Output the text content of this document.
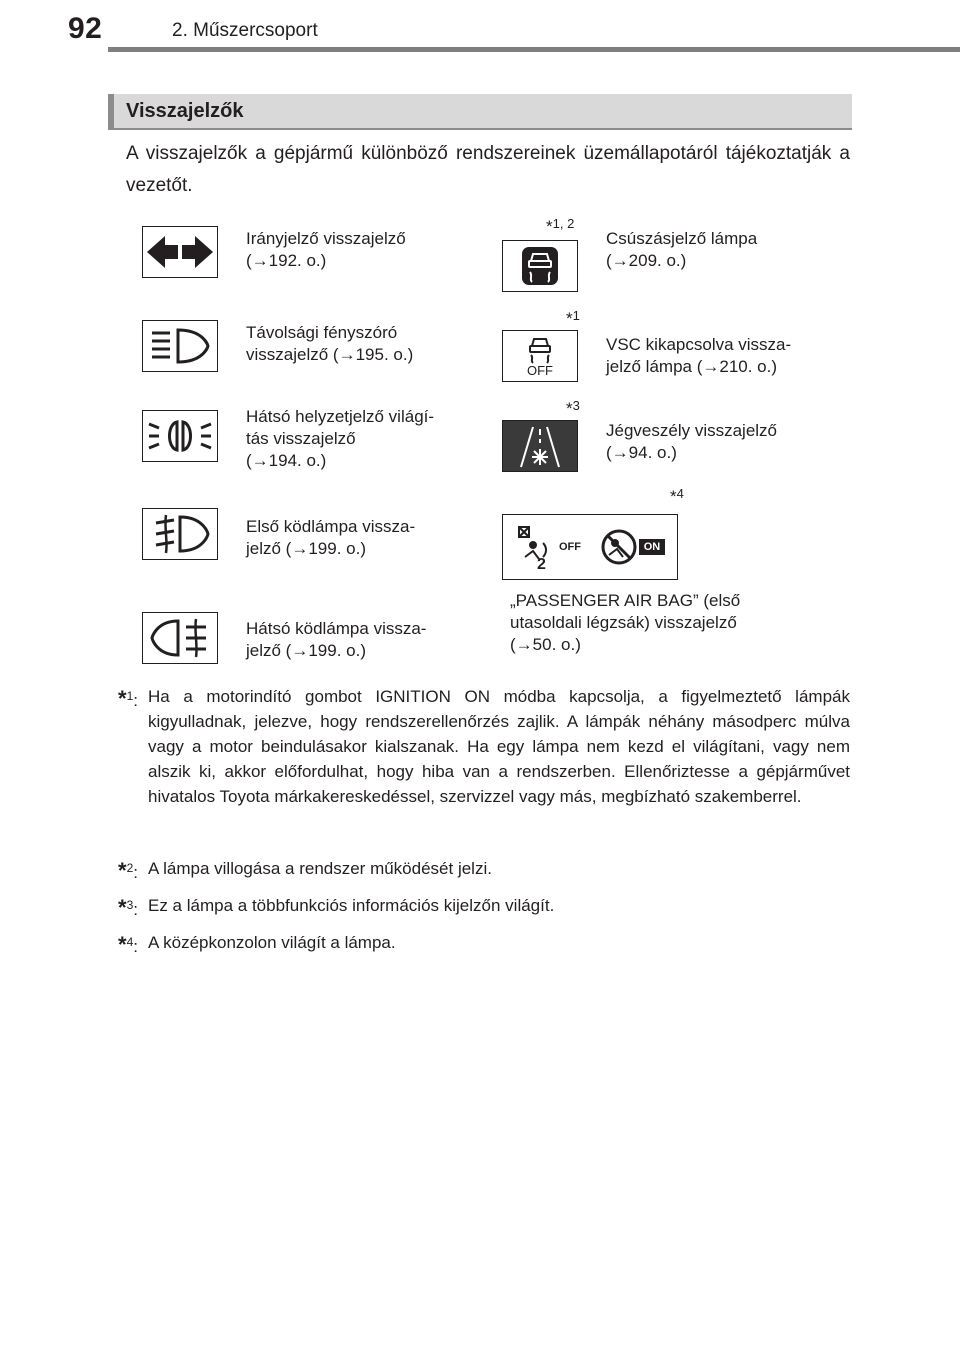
92	2. Műszercsoport
Visszajelzők
A visszajelzők a gépjármű különböző rendszereinek üzemállapotáról tájékoztatják a vezetőt.
Irányjelző visszajelző
(→192. o.)
Távolsági fényszóró
visszajelző (→195. o.)
Hátsó helyzetjelző világí-
tás visszajelző
(→194. o.)
Első ködlámpa vissza-
jelző (→199. o.)
Hátsó ködlámpa vissza-
jelző (→199. o.)
*$^{1, 2}$
Csúszásjelző lámpa
(→209. o.)
*$^1$
OFF
VSC kikapcsolva vissza-
jelző lámpa (→210. o.)
*$^3$
Jégveszély visszajelző
(→94. o.)
*$^4$
2
OFF	ON
„PASSENGER AIR BAG” (első
utasoldali légzsák) visszajelző
(→50. o.)
*$^1$: Ha a motorindító gombot IGNITION ON módba kapcsolja, a figyelmeztető lámpák kigyulladnak, jelezve, hogy rendszerellenőrzés zajlik. A lámpák néhány másodperc múlva vagy a motor beindulásakor kialszanak. Ha egy lámpa nem kezd el világítani, vagy nem alszik ki, akkor előfordulhat, hogy hiba van a rendszerben. Ellenőriztesse a gépjárművet hivatalos Toyota márkakereskedéssel, szervizzel vagy más, megbízható szakemberrel.
*$^2$: A lámpa villogása a rendszer működését jelzi.
*$^3$: Ez a lámpa a többfunkciós információs kijelzőn világít.
*$^4$: A középkonzolon világít a lámpa.
